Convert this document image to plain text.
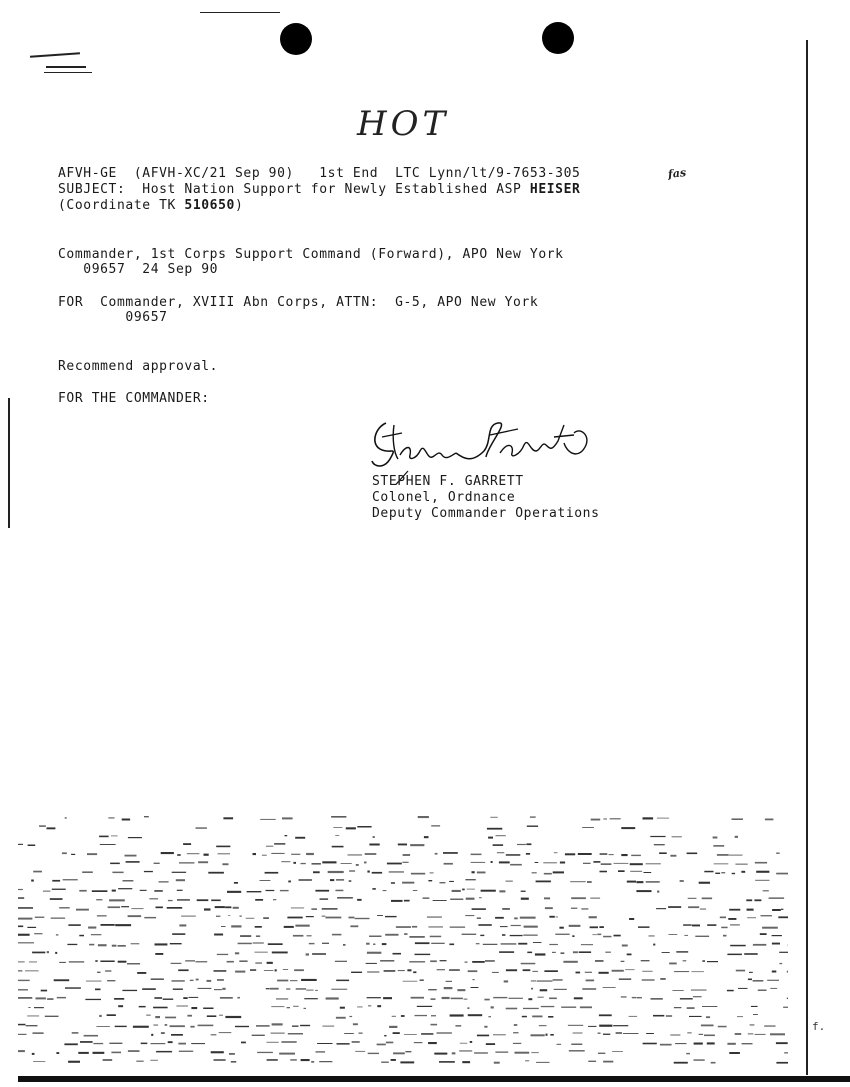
HOT
AFVH-GE  (AFVH-XC/21 Sep 90)   1st End  LTC Lynn/lt/9-7653-305	fas
SUBJECT:  Host Nation Support for Newly Established ASP HEISER
(Coordinate TK 510650)
Commander, 1st Corps Support Command (Forward), APO New York
09657  24 Sep 90
FOR  Commander, XVIII Abn Corps, ATTN:  G-5, APO New York
09657
Recommend approval.
FOR THE COMMANDER:
STEPHEN F. GARRETT
Colonel, Ordnance
Deputy Commander Operations
f.
